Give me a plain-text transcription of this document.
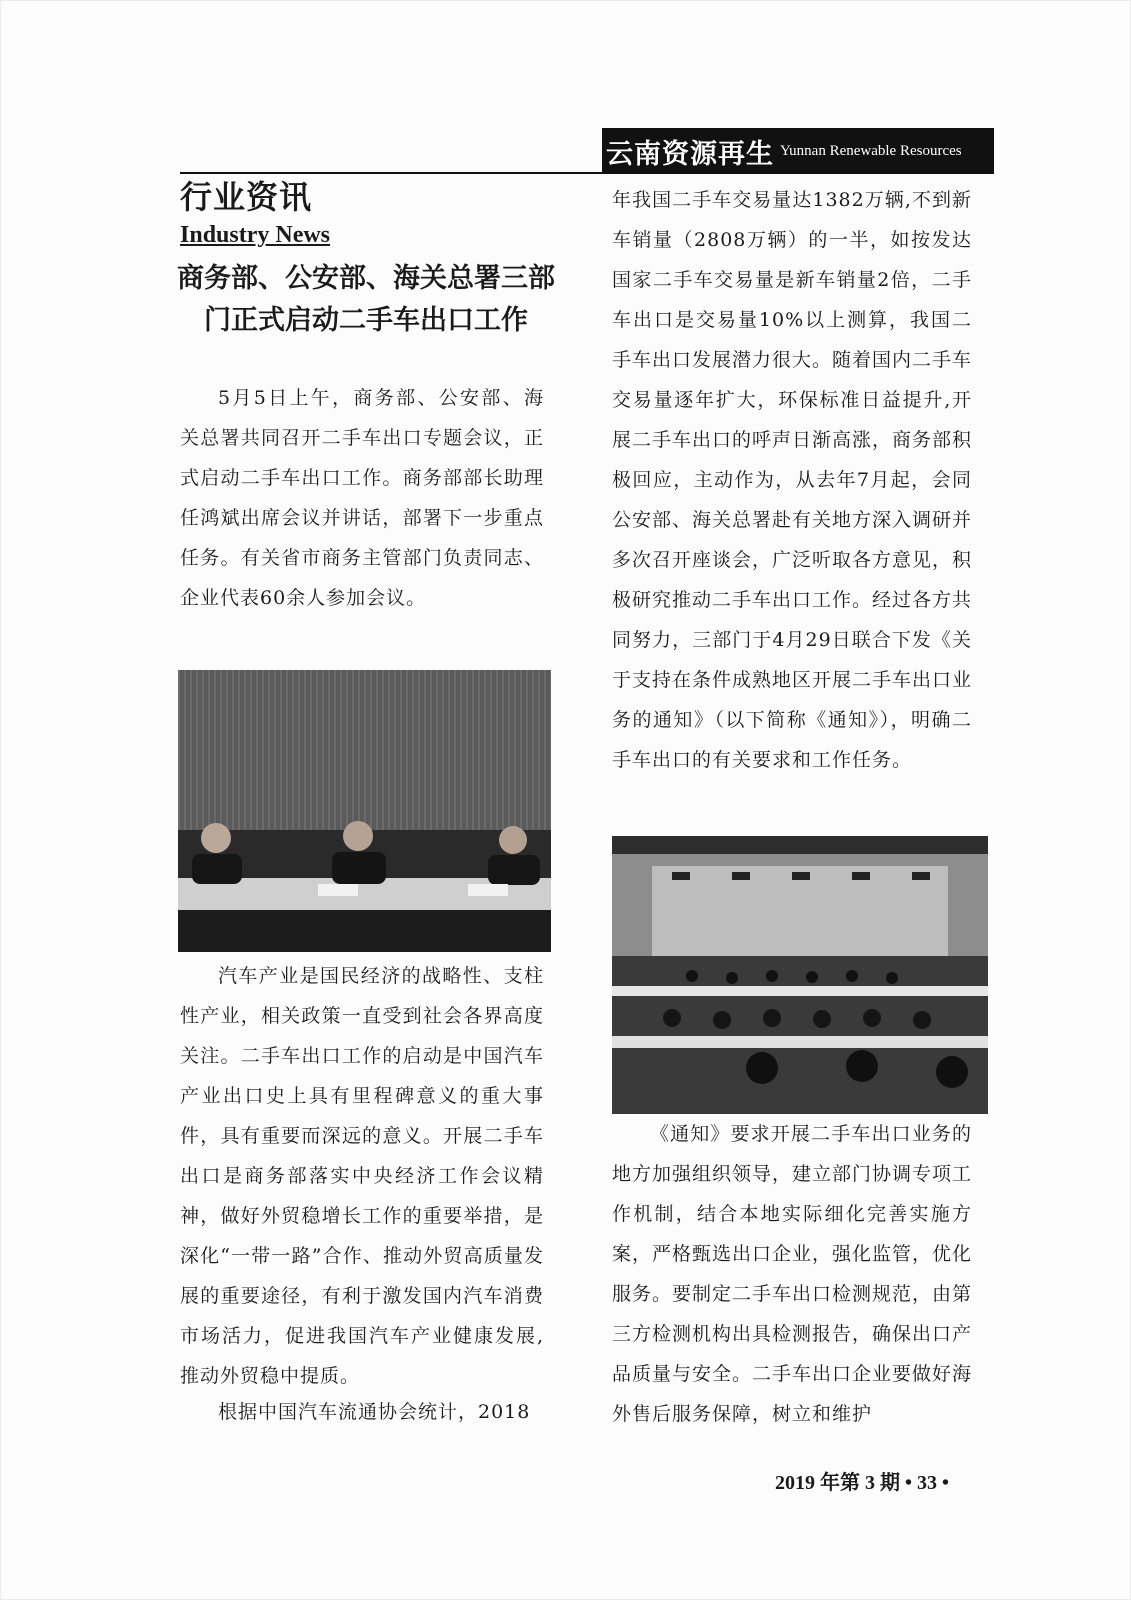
云南资源再生 Yunnan Renewable Resources
行业资讯
Industry News
商务部、公安部、海关总署三部门正式启动二手车出口工作

5月5日上午，商务部、公安部、海关总署共同召开二手车出口专题会议，正式启动二手车出口工作。商务部部长助理任鸿斌出席会议并讲话，部署下一步重点任务。有关省市商务主管部门负责同志、企业代表60余人参加会议。

汽车产业是国民经济的战略性、支柱性产业，相关政策一直受到社会各界高度关注。二手车出口工作的启动是中国汽车产业出口史上具有里程碑意义的重大事件，具有重要而深远的意义。开展二手车出口是商务部落实中央经济工作会议精神，做好外贸稳增长工作的重要举措，是深化“一带一路”合作、推动外贸高质量发展的重要途径，有利于激发国内汽车消费市场活力，促进我国汽车产业健康发展,推动外贸稳中提质。

根据中国汽车流通协会统计，2018

年我国二手车交易量达1382万辆,不到新车销量（2808万辆）的一半，如按发达国家二手车交易量是新车销量2倍，二手车出口是交易量10%以上测算，我国二手车出口发展潜力很大。随着国内二手车交易量逐年扩大，环保标准日益提升,开展二手车出口的呼声日渐高涨，商务部积极回应，主动作为，从去年7月起，会同公安部、海关总署赴有关地方深入调研并多次召开座谈会，广泛听取各方意见，积极研究推动二手车出口工作。经过各方共同努力，三部门于4月29日联合下发《关于支持在条件成熟地区开展二手车出口业务的通知》（以下简称《通知》），明确二手车出口的有关要求和工作任务。

《通知》要求开展二手车出口业务的地方加强组织领导，建立部门协调专项工作机制，结合本地实际细化完善实施方案，严格甄选出口企业，强化监管，优化服务。要制定二手车出口检测规范，由第三方检测机构出具检测报告，确保出口产品质量与安全。二手车出口企业要做好海外售后服务保障，树立和维护

2019 年第 3 期 • 33 •
